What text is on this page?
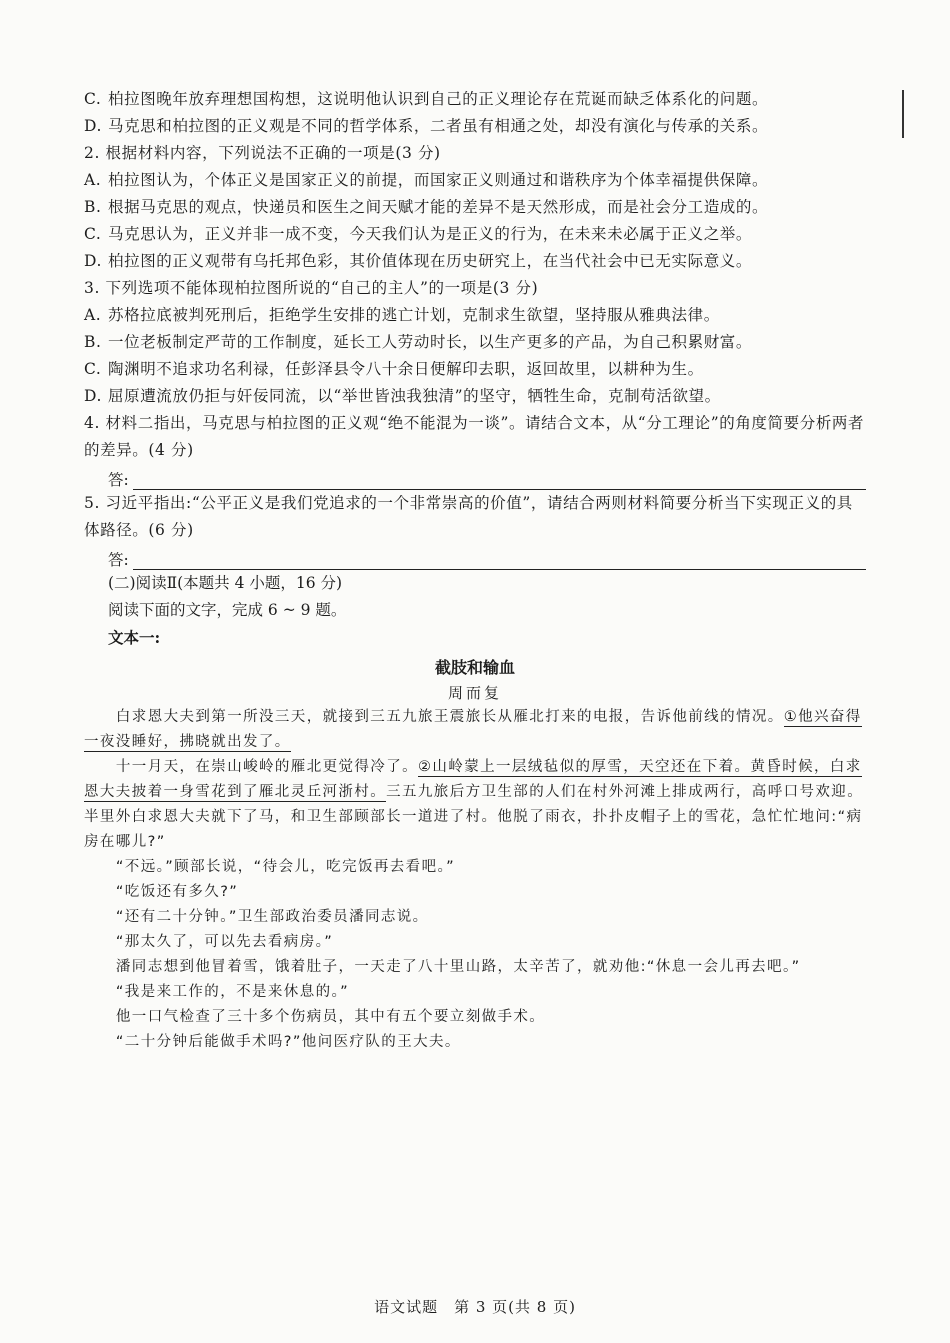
C. 柏拉图晚年放弃理想国构想，这说明他认识到自己的正义理论存在荒诞而缺乏体系化的问题。

D. 马克思和柏拉图的正义观是不同的哲学体系，二者虽有相通之处，却没有演化与传承的关系。

2. 根据材料内容，下列说法不正确的一项是(3 分)

A. 柏拉图认为，个体正义是国家正义的前提，而国家正义则通过和谐秩序为个体幸福提供保障。

B. 根据马克思的观点，快递员和医生之间天赋才能的差异不是天然形成，而是社会分工造成的。

C. 马克思认为，正义并非一成不变，今天我们认为是正义的行为，在未来未必属于正义之举。

D. 柏拉图的正义观带有乌托邦色彩，其价值体现在历史研究上，在当代社会中已无实际意义。

3. 下列选项不能体现柏拉图所说的“自己的主人”的一项是(3 分)

A. 苏格拉底被判死刑后，拒绝学生安排的逃亡计划，克制求生欲望，坚持服从雅典法律。

B. 一位老板制定严苛的工作制度，延长工人劳动时长，以生产更多的产品，为自己积累财富。

C. 陶渊明不追求功名利禄，任彭泽县令八十余日便解印去职，返回故里，以耕种为生。

D. 屈原遭流放仍拒与奸佞同流，以“举世皆浊我独清”的坚守，牺牲生命，克制苟活欲望。

4. 材料二指出，马克思与柏拉图的正义观“绝不能混为一谈”。请结合文本，从“分工理论”的角度简要分析两者的差异。(4 分)

答:

5. 习近平指出:“公平正义是我们党追求的一个非常崇高的价值”，请结合两则材料简要分析当下实现正义的具体路径。(6 分)

答:

(二)阅读Ⅱ(本题共 4 小题，16 分)

阅读下面的文字，完成 6 ~ 9 题。

文本一:

截肢和输血
周而复

白求恩大夫到第一所没三天，就接到三五九旅王震旅长从雁北打来的电报，告诉他前线的情况。①他兴奋得一夜没睡好，拂晓就出发了。

十一月天，在崇山峻岭的雁北更觉得冷了。②山岭蒙上一层绒毡似的厚雪，天空还在下着。黄昏时候，白求恩大夫披着一身雪花到了雁北灵丘河浙村。三五九旅后方卫生部的人们在村外河滩上排成两行，高呼口号欢迎。半里外白求恩大夫就下了马，和卫生部顾部长一道进了村。他脱了雨衣，扑扑皮帽子上的雪花，急忙忙地问:“病房在哪儿?”

“不远。”顾部长说，“待会儿，吃完饭再去看吧。”

“吃饭还有多久?”

“还有二十分钟。”卫生部政治委员潘同志说。

“那太久了，可以先去看病房。”

潘同志想到他冒着雪，饿着肚子，一天走了八十里山路，太辛苦了，就劝他:“休息一会儿再去吧。”

“我是来工作的，不是来休息的。”

他一口气检查了三十多个伤病员，其中有五个要立刻做手术。

“二十分钟后能做手术吗?”他问医疗队的王大夫。

语文试题　第 3 页(共 8 页)
